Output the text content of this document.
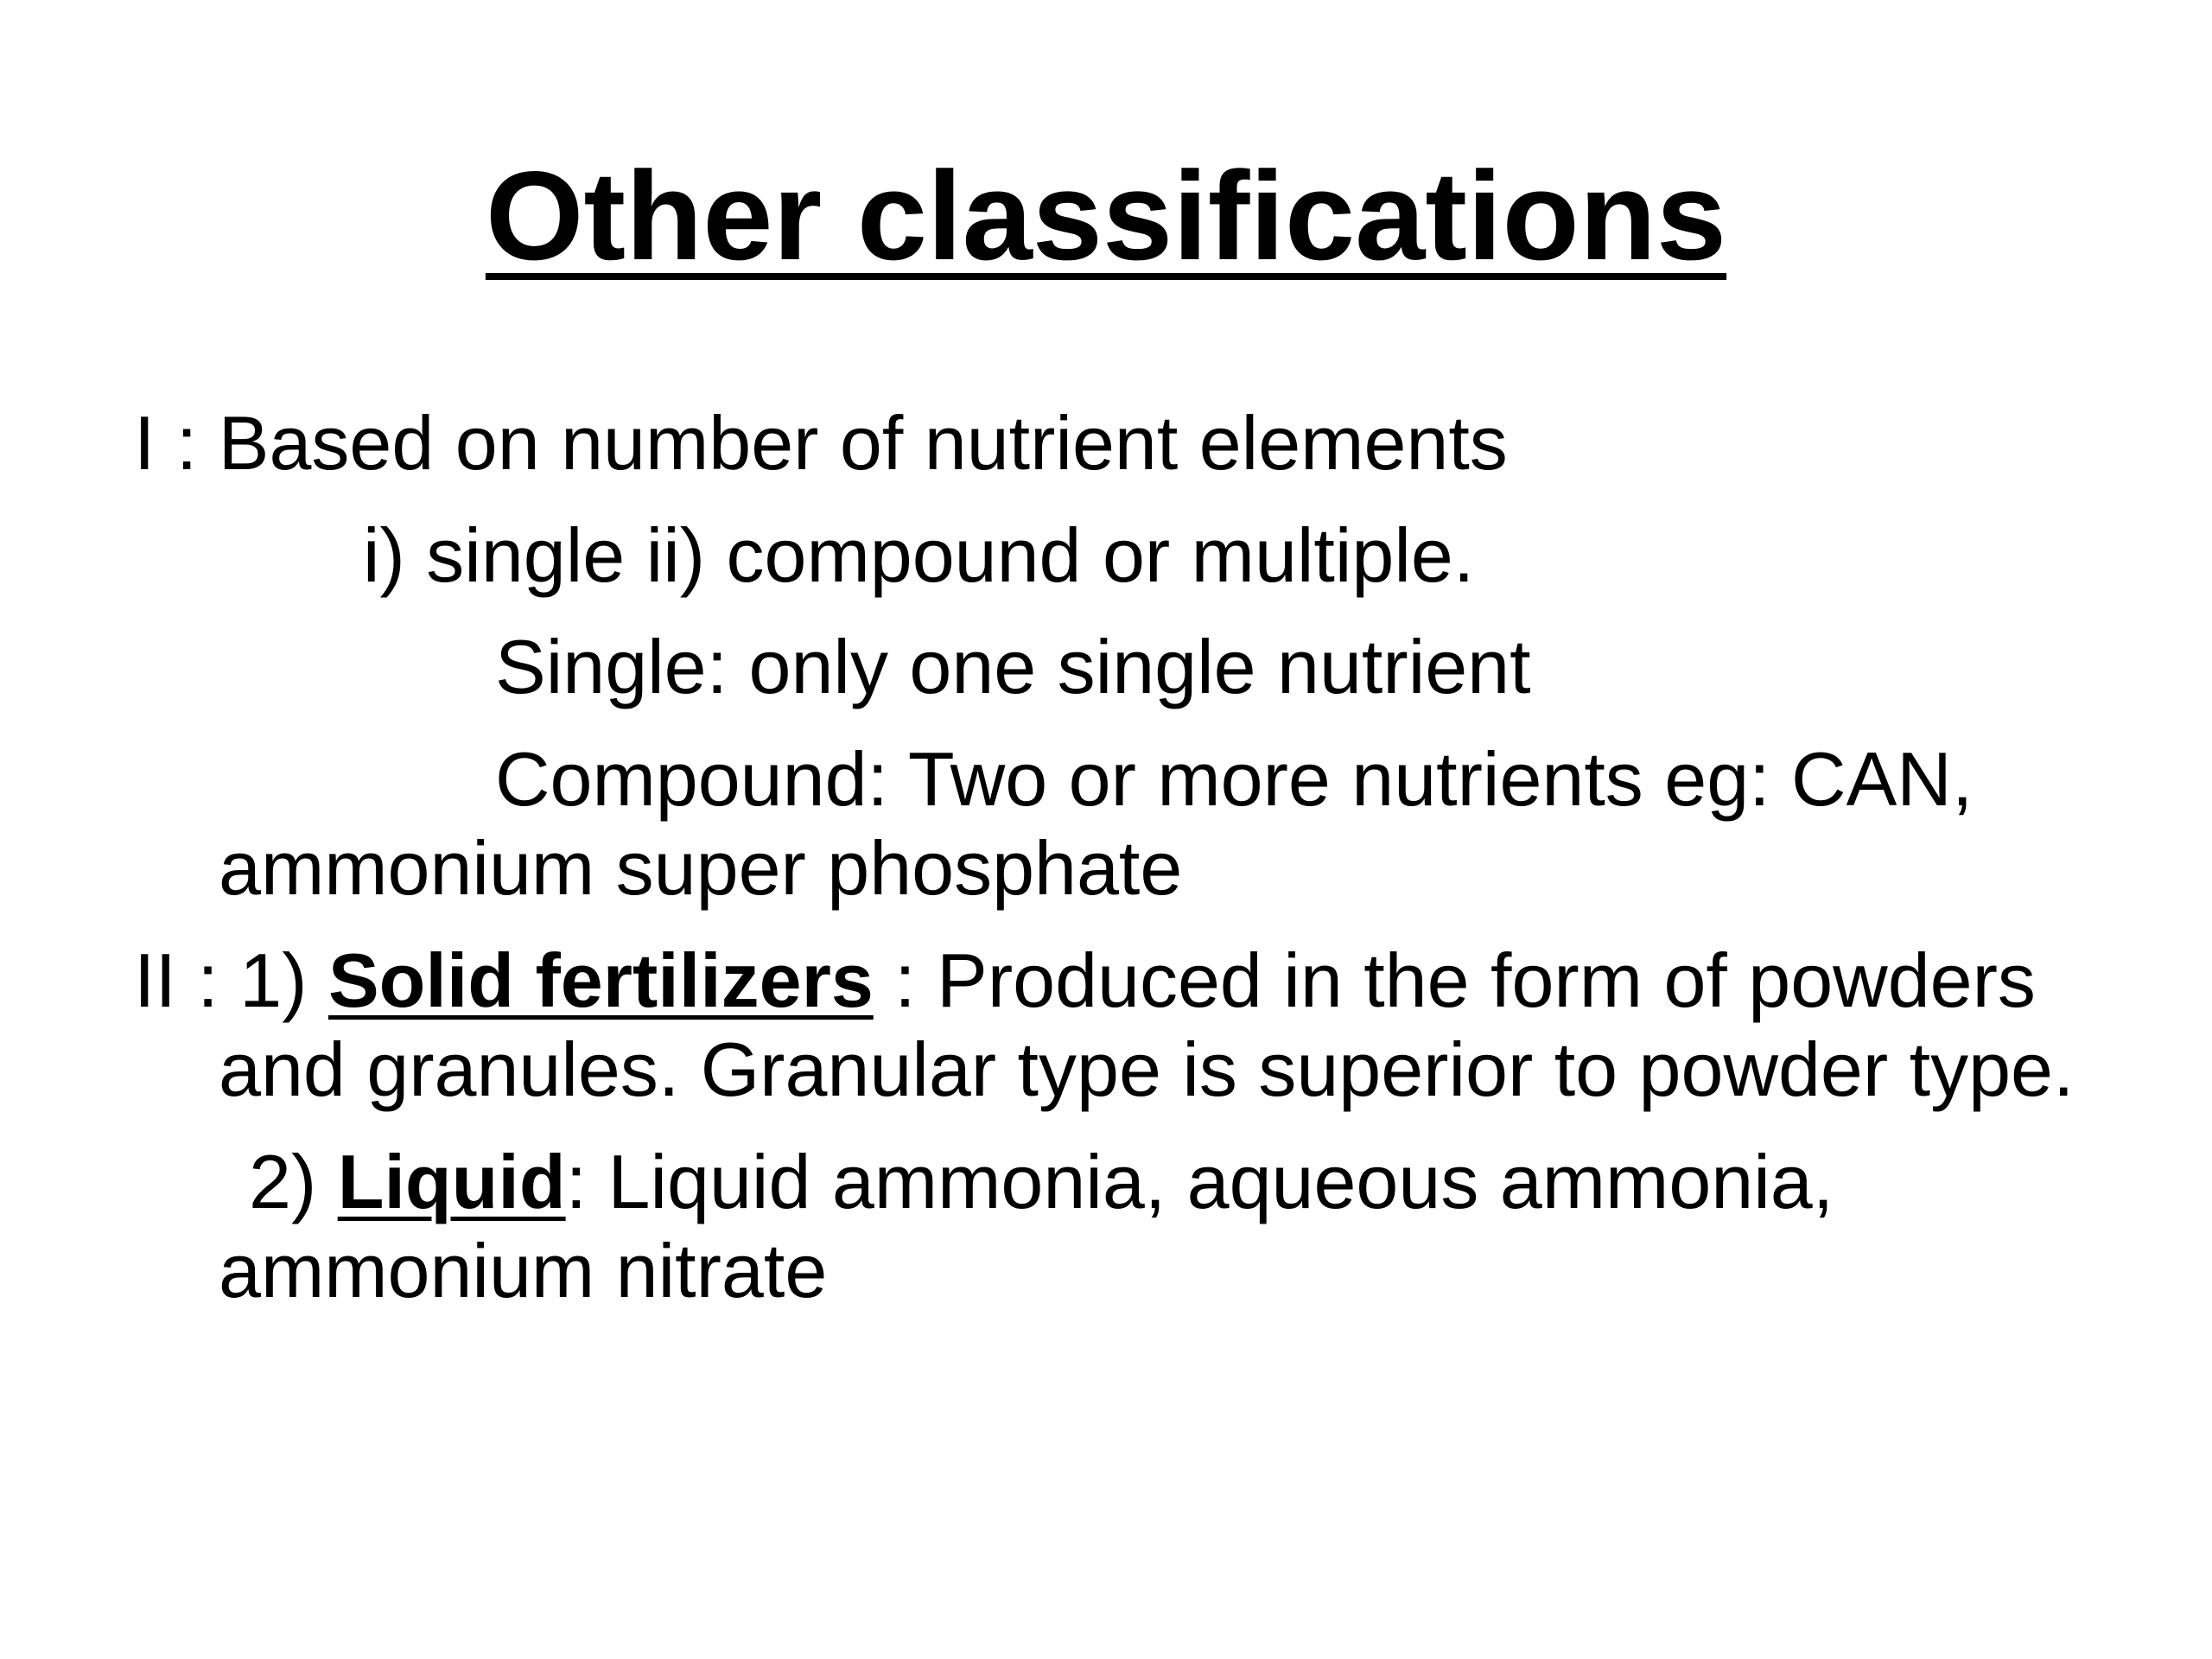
Other classifications
I : Based on number of nutrient elements
i) single ii) compound or multiple.
Single: only one single nutrient
Compound: Two or more nutrients eg: CAN,
ammonium super phosphate
II : 1) Solid fertilizers : Produced in the form of powders
and granules. Granular type is superior to powder type.
2) Liquid: Liquid ammonia, aqueous ammonia,
ammonium nitrate
